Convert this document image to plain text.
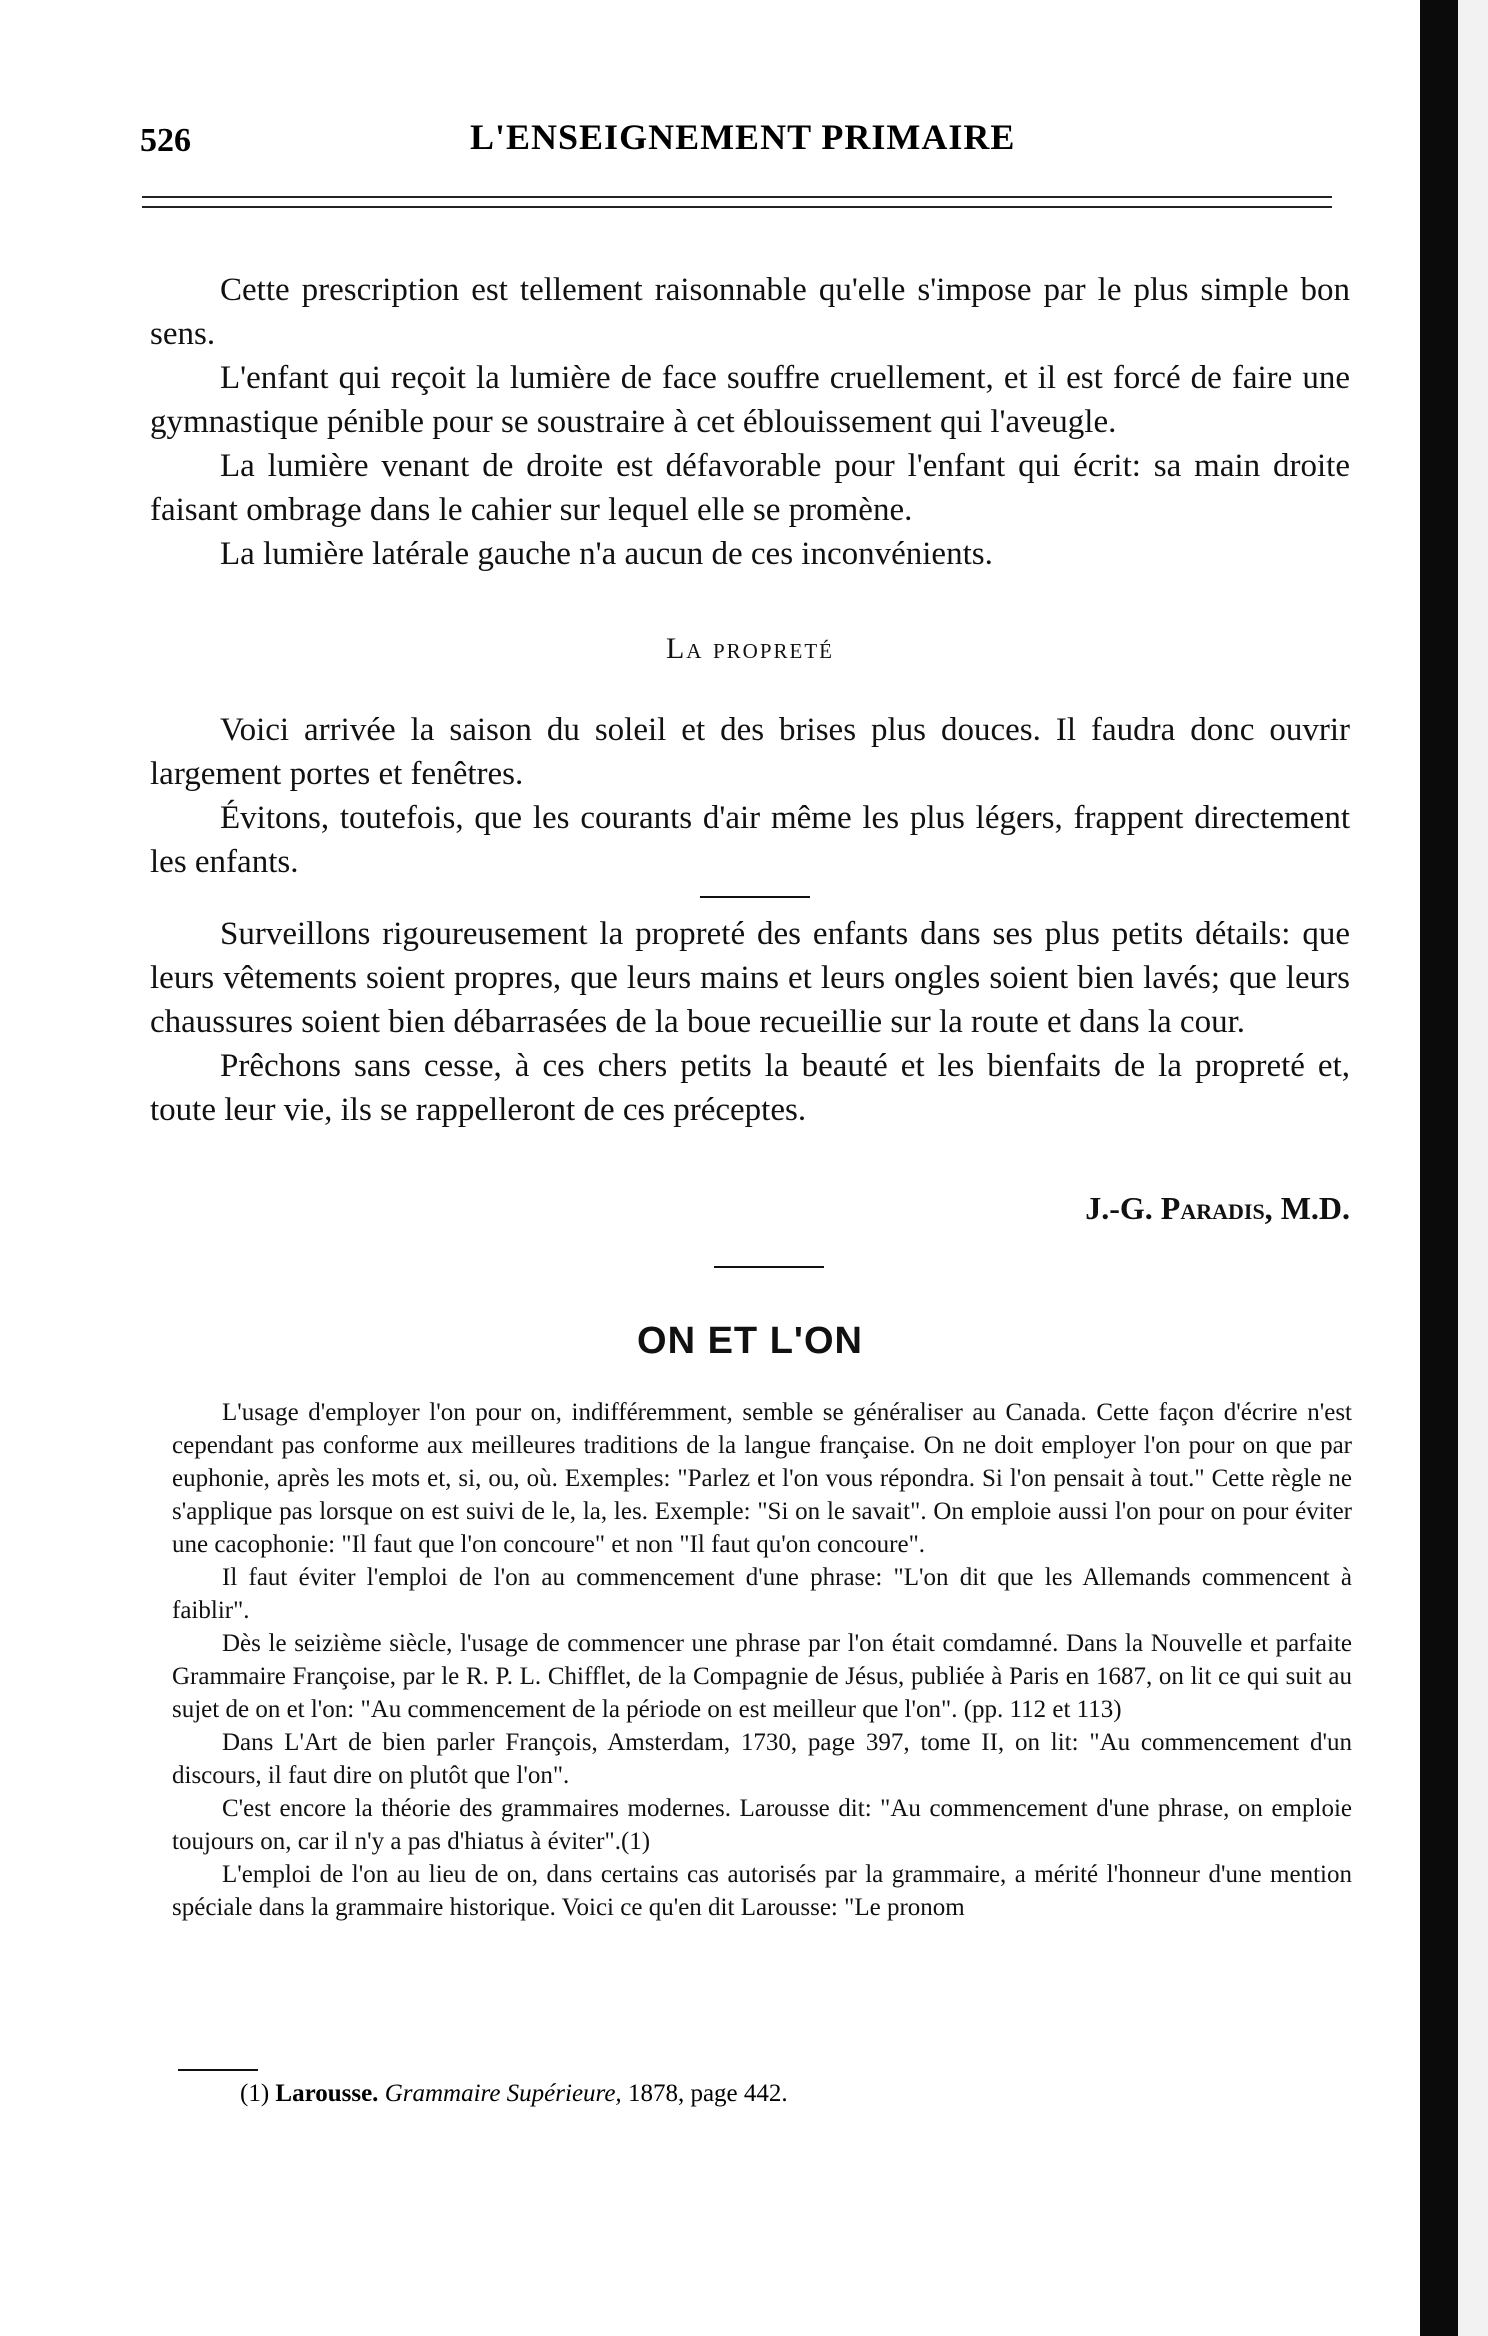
526	L'ENSEIGNEMENT PRIMAIRE

Cette prescription est tellement raisonnable qu'elle s'impose par le plus simple bon sens.

L'enfant qui reçoit la lumière de face souffre cruellement, et il est forcé de faire une gymnastique pénible pour se soustraire à cet éblouissement qui l'aveugle.

La lumière venant de droite est défavorable pour l'enfant qui écrit: sa main droite faisant ombrage dans le cahier sur lequel elle se promène.

La lumière latérale gauche n'a aucun de ces inconvénients.

La propreté

Voici arrivée la saison du soleil et des brises plus douces. Il faudra donc ouvrir largement portes et fenêtres.

Évitons, toutefois, que les courants d'air même les plus légers, frappent directement les enfants.

Surveillons rigoureusement la propreté des enfants dans ses plus petits détails: que leurs vêtements soient propres, que leurs mains et leurs ongles soient bien lavés; que leurs chaussures soient bien débarrasées de la boue recueillie sur la route et dans la cour.

Prêchons sans cesse, à ces chers petits la beauté et les bienfaits de la propreté et, toute leur vie, ils se rappelleront de ces préceptes.

J.-G. Paradis, M.D.
ON ET L'ON

L'usage d'employer l'on pour on, indifféremment, semble se généraliser au Canada. Cette façon d'écrire n'est cependant pas conforme aux meilleures traditions de la langue française. On ne doit employer l'on pour on que par euphonie, après les mots et, si, ou, où. Exemples: "Parlez et l'on vous répondra. Si l'on pensait à tout." Cette règle ne s'applique pas lorsque on est suivi de le, la, les. Exemple: "Si on le savait". On emploie aussi l'on pour on pour éviter une cacophonie: "Il faut que l'on concoure" et non "Il faut qu'on concoure".

Il faut éviter l'emploi de l'on au commencement d'une phrase: "L'on dit que les Allemands commencent à faiblir".

Dès le seizième siècle, l'usage de commencer une phrase par l'on était comdamné. Dans la Nouvelle et parfaite Grammaire Françoise, par le R. P. L. Chifflet, de la Compagnie de Jésus, publiée à Paris en 1687, on lit ce qui suit au sujet de on et l'on: "Au commencement de la période on est meilleur que l'on". (pp. 112 et 113)

Dans L'Art de bien parler François, Amsterdam, 1730, page 397, tome II, on lit: "Au commencement d'un discours, il faut dire on plutôt que l'on".

C'est encore la théorie des grammaires modernes. Larousse dit: "Au commencement d'une phrase, on emploie toujours on, car il n'y a pas d'hiatus à éviter".(1)

L'emploi de l'on au lieu de on, dans certains cas autorisés par la grammaire, a mérité l'honneur d'une mention spéciale dans la grammaire historique. Voici ce qu'en dit Larousse: "Le pronom

(1) Larousse. Grammaire Supérieure, 1878, page 442.
